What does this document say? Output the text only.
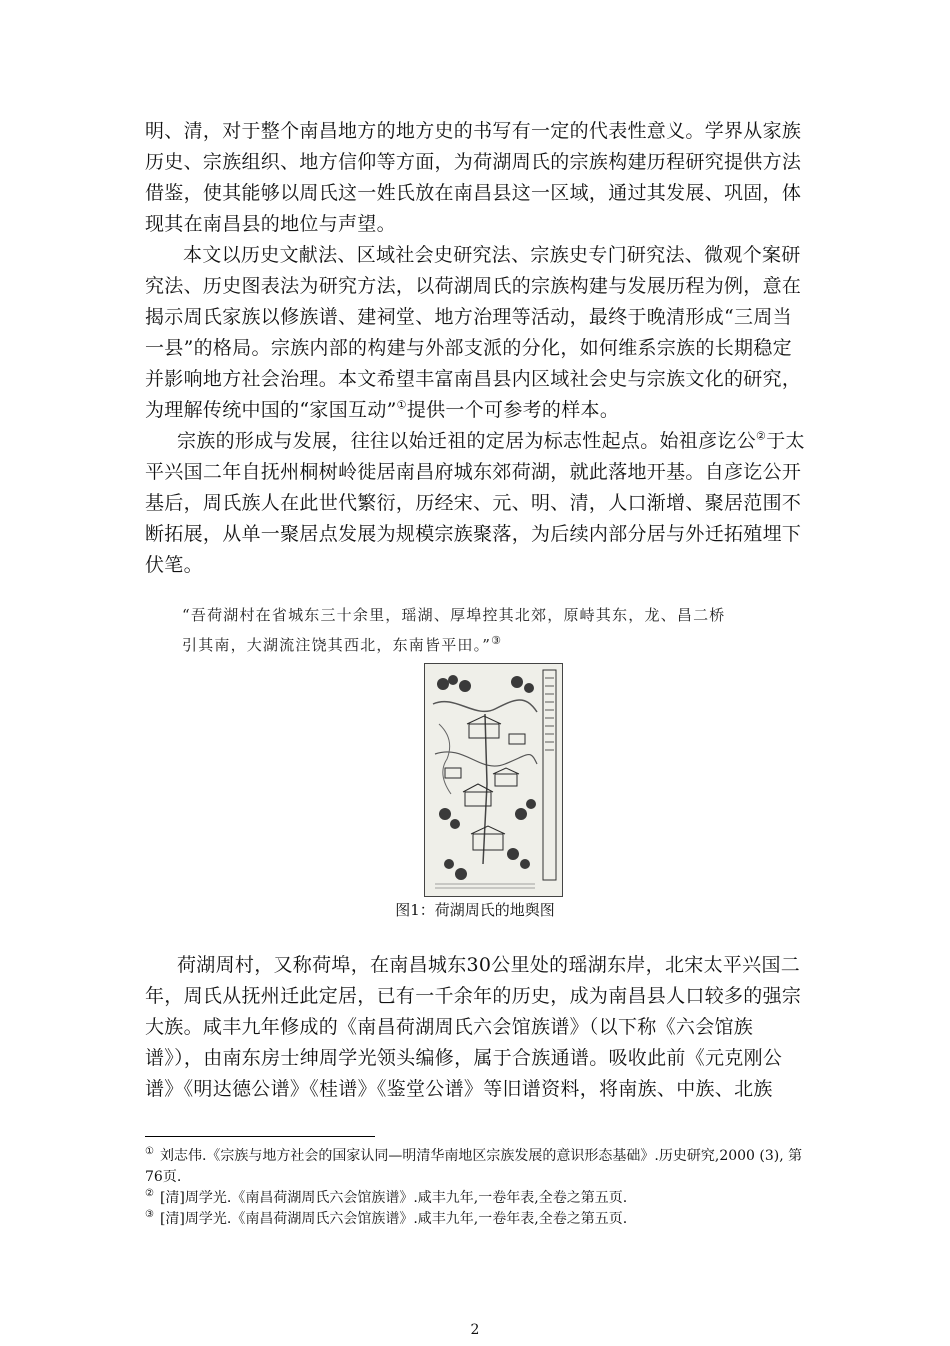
明、清，对于整个南昌地方的地方史的书写有一定的代表性意义。学界从家族历史、宗族组织、地方信仰等方面，为荷湖周氏的宗族构建历程研究提供方法借鉴，使其能够以周氏这一姓氏放在南昌县这一区域，通过其发展、巩固，体现其在南昌县的地位与声望。

本文以历史文献法、区域社会史研究法、宗族史专门研究法、微观个案研究法、历史图表法为研究方法，以荷湖周氏的宗族构建与发展历程为例，意在揭示周氏家族以修族谱、建祠堂、地方治理等活动，最终于晚清形成“三周当一县”的格局。宗族内部的构建与外部支派的分化，如何维系宗族的长期稳定并影响地方社会治理。本文希望丰富南昌县内区域社会史与宗族文化的研究，为理解传统中国的“家国互动”①提供一个可参考的样本。

宗族的形成与发展，往往以始迁祖的定居为标志性起点。始祖彦讫公②于太平兴国二年自抚州桐树岭徙居南昌府城东郊荷湖，就此落地开基。自彦讫公开基后，周氏族人在此世代繁衍，历经宋、元、明、清，人口渐增、聚居范围不断拓展，从单一聚居点发展为规模宗族聚落，为后续内部分居与外迁拓殖埋下伏笔。

“吾荷湖村在省城东三十余里，瑶湖、厚埠控其北郊，原峙其东，龙、昌二桥

引其南，大湖流注饶其西北，东南皆平田。”③

图1：荷湖周氏的地舆图

荷湖周村，又称荷埠，在南昌城东30公里处的瑶湖东岸，北宋太平兴国二年，周氏从抚州迁此定居，已有一千余年的历史，成为南昌县人口较多的强宗大族。咸丰九年修成的《南昌荷湖周氏六会馆族谱》（以下称《六会馆族谱》），由南东房士绅周学光领头编修，属于合族通谱。吸收此前《元克刚公谱》《明达德公谱》《桂谱》《鉴堂公谱》等旧谱资料，将南族、中族、北族

① 刘志伟.《宗族与地方社会的国家认同—明清华南地区宗族发展的意识形态基础》.历史研究,2000 (3), 第76页.

② [清]周学光.《南昌荷湖周氏六会馆族谱》.咸丰九年,一卷年表,全卷之第五页.

③ [清]周学光.《南昌荷湖周氏六会馆族谱》.咸丰九年,一卷年表,全卷之第五页.

2
